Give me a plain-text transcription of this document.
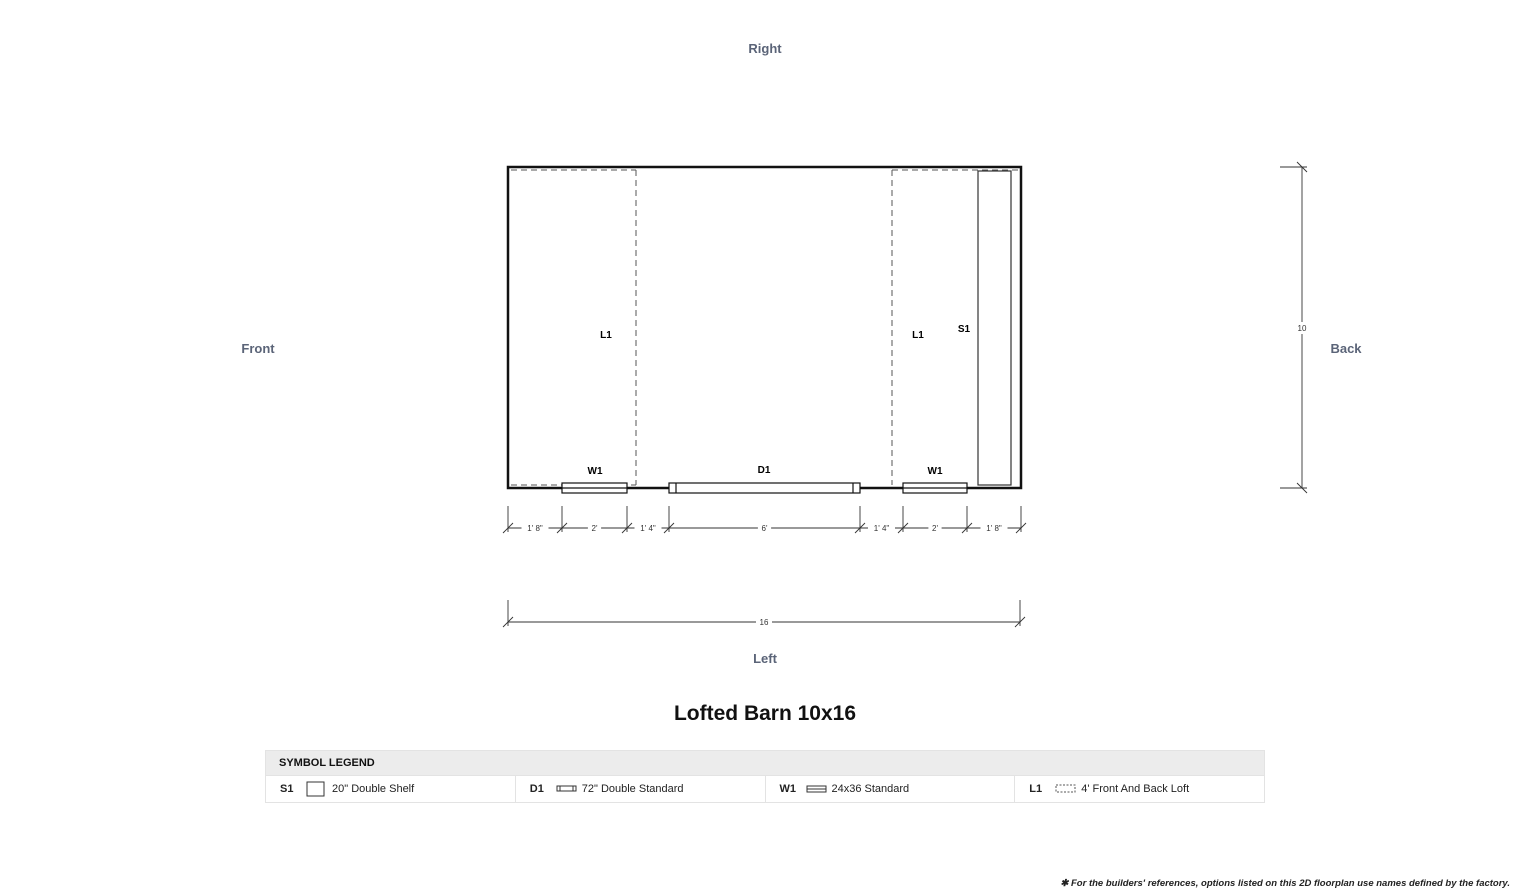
Right
Front	Back
Left
L1	L1
S1
W1	D1	W1
1' 8"	2'	1' 4"	6'	1' 4"	2'	1' 8"
16
10
Lofted Barn 10x16
SYMBOL LEGEND
S1	20" Double Shelf	D1	72" Double Standard	W1	24x36 Standard	L1	4' Front And Back Loft
✱ For the builders' references, options listed on this 2D floorplan use names defined by the factory.
